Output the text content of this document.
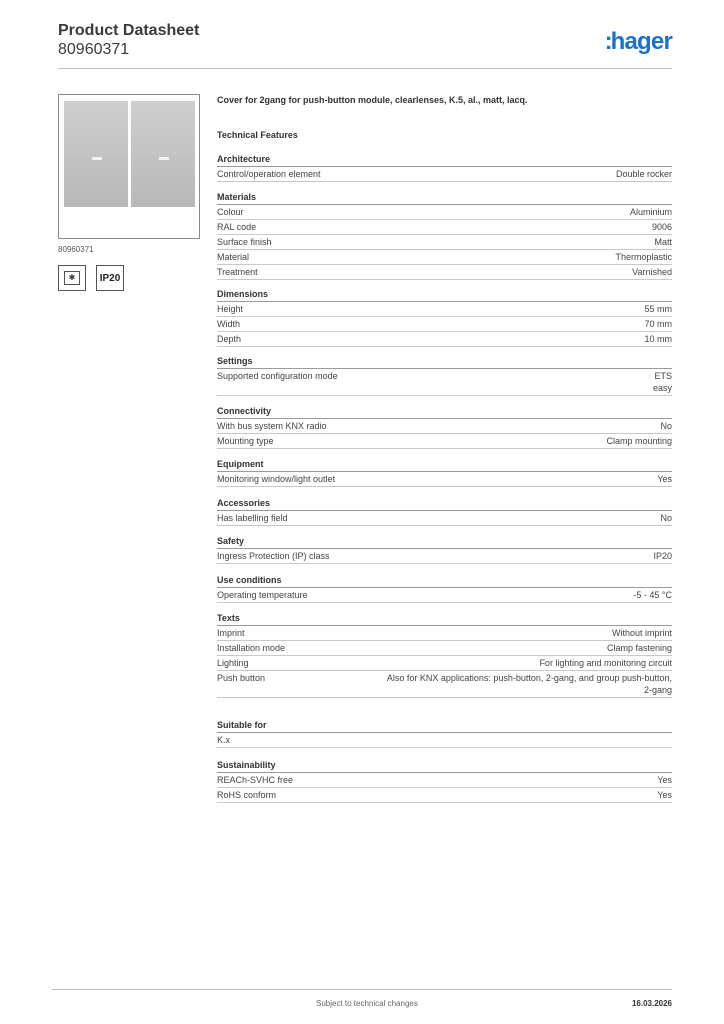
Product Datasheet
80960371	:hager
80960371
✱	IP20
Cover for 2gang for push-button module, clearlenses, K.5, al., matt, lacq.
Technical Features
Architecture
Control/operation element	Double rocker
Materials
Colour	Aluminium
RAL code	9006
Surface finish	Matt
Material	Thermoplastic
Treatment	Varnished
Dimensions
Height	55 mm
Width	70 mm
Depth	10 mm
Settings
Supported configuration mode	ETS
easy
Connectivity
With bus system KNX radio	No
Mounting type	Clamp mounting
Equipment
Monitoring window/light outlet	Yes
Accessories
Has labelling field	No
Safety
Ingress Protection (IP) class	IP20
Use conditions
Operating temperature	-5 - 45 °C
Texts
Imprint	Without imprint
Installation mode	Clamp fastening
Lighting	For lighting and monitoring circuit
Push button	Also for KNX applications: push-button, 2-gang, and group push-button,
2-gang
Suitable for
K.x
Sustainability
REACh-SVHC free	Yes
RoHS conform	Yes
Subject to technical changes	16.03.2026
